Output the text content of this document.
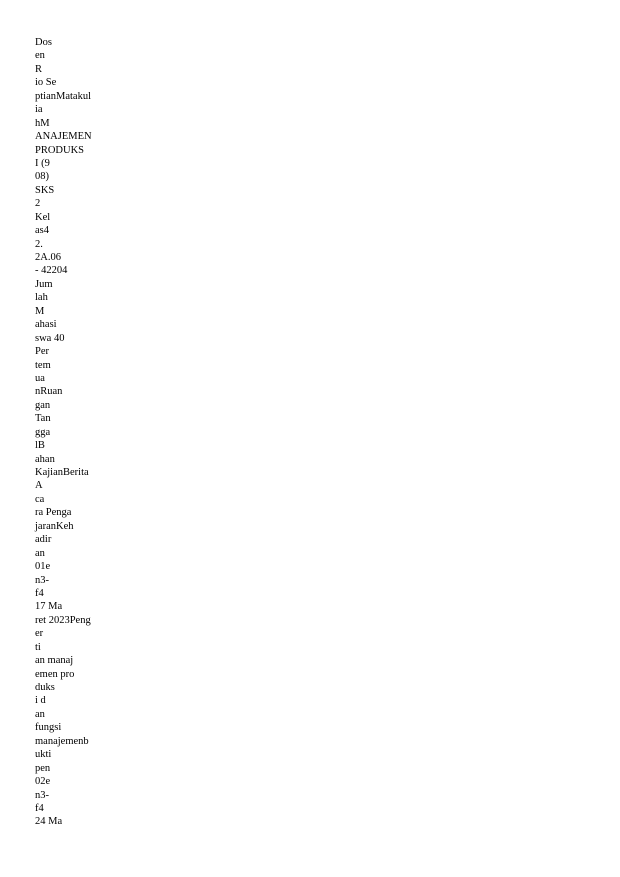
Dos
en
R
io Se
ptianMatakul
ia
hM
ANAJEMEN
PRODUKS
I (9
08)
SKS
2
Kel
as4
2.
2A.06
- 42204
Jum
lah
M
ahasi
swa 40
Per
tem
ua
nRuan
gan
Tan
gga
lB
ahan
KajianBerita
A
ca
ra Penga
jaranKeh
adir
an
01e
n3-
f4
17 Ma
ret 2023Peng
er
ti
an manaj
emen pro
duks
i d
an
fungsi
manajemenb
ukti
pen
02e
n3-
f4
24 Ma
